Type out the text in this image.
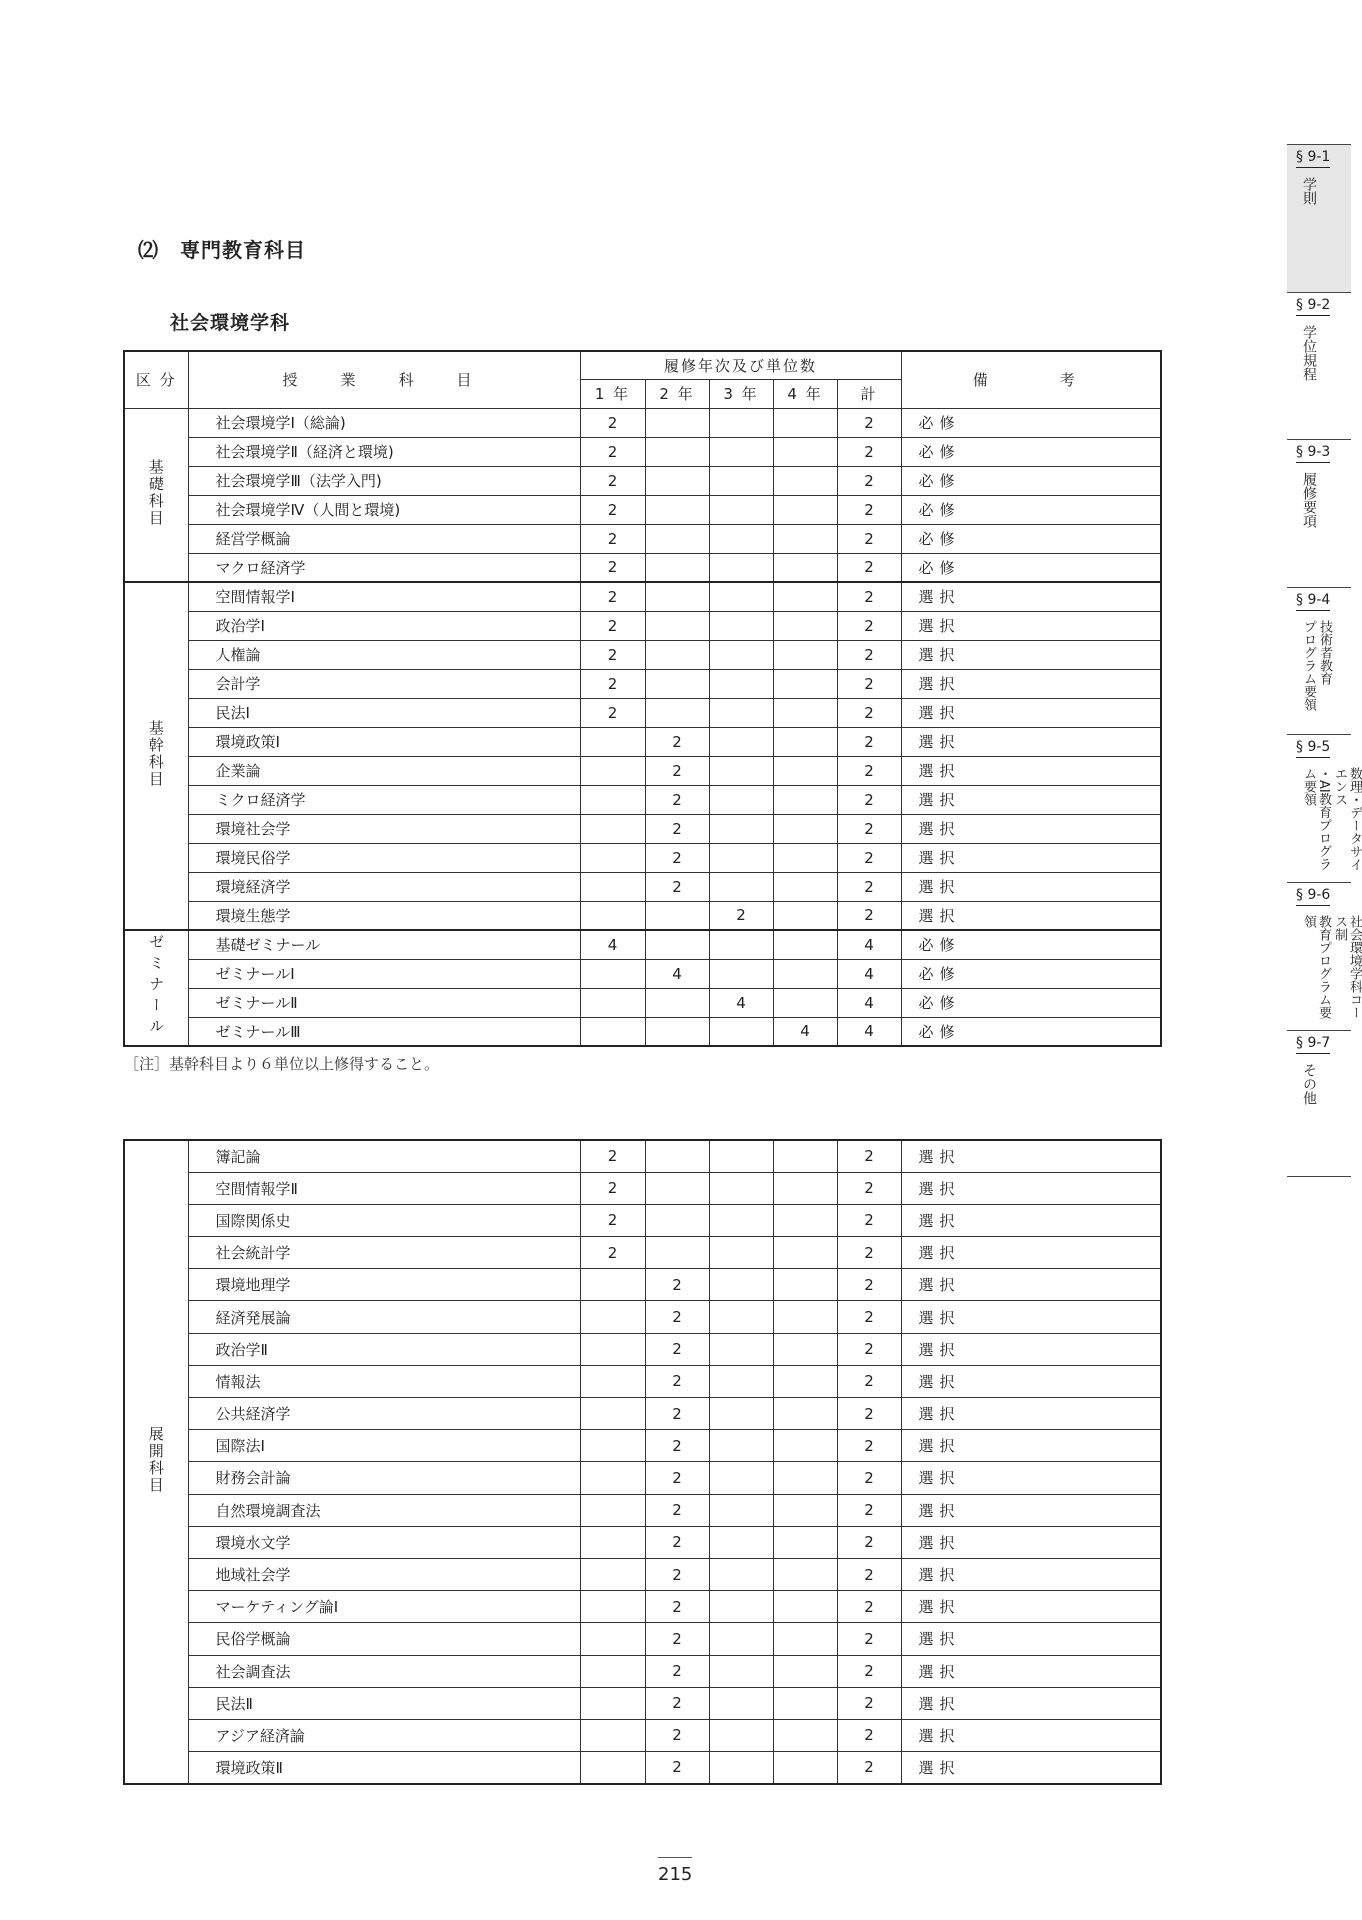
⑵　専門教育科目
社会環境学科
区 分	授　業　科　目	履修年次及び単位数					備　　考
		1 年	2 年	3 年	4 年	計	
基礎科目	社会環境学Ⅰ（総論)	2				2	必修
	社会環境学Ⅱ（経済と環境)	2				2	必修
	社会環境学Ⅲ（法学入門)	2				2	必修
	社会環境学Ⅳ（人間と環境)	2				2	必修
	経営学概論	2				2	必修
	マクロ経済学	2				2	必修
基幹科目	空間情報学Ⅰ	2				2	選択
	政治学Ⅰ	2				2	選択
	人権論	2				2	選択
	会計学	2				2	選択
	民法Ⅰ	2				2	選択
	環境政策Ⅰ		2			2	選択
	企業論		2			2	選択
	ミクロ経済学		2			2	選択
	環境社会学		2			2	選択
	環境民俗学		2			2	選択
	環境経済学		2			2	選択
	環境生態学			2		2	選択
ゼミナール	基礎ゼミナール	4				4	必修
	ゼミナールⅠ		4			4	必修
	ゼミナールⅡ			4		4	必修
	ゼミナールⅢ				4	4	必修
［注］基幹科目より６単位以上修得すること。
展開科目	簿記論	2				2	選択
	空間情報学Ⅱ	2				2	選択
	国際関係史	2				2	選択
	社会統計学	2				2	選択
	環境地理学		2			2	選択
	経済発展論		2			2	選択
	政治学Ⅱ		2			2	選択
	情報法		2			2	選択
	公共経済学		2			2	選択
	国際法Ⅰ		2			2	選択
	財務会計論		2			2	選択
	自然環境調査法		2			2	選択
	環境水文学		2			2	選択
	地域社会学		2			2	選択
	マーケティング論Ⅰ		2			2	選択
	民俗学概論		2			2	選択
	社会調査法		2			2	選択
	民法Ⅱ		2			2	選択
	アジア経済論		2			2	選択
	環境政策Ⅱ		2			2	選択
§ 9-1
学則
§ 9-2
学位規程
§ 9-3
履修要項
§ 9-4
技術者教育
プログラム要領
§ 9-5
数理・データサイエンス
・AI教育プログラム要領
§ 9-6
社会環境学科コース制
教育プログラム要領
§ 9-7
その他
215
